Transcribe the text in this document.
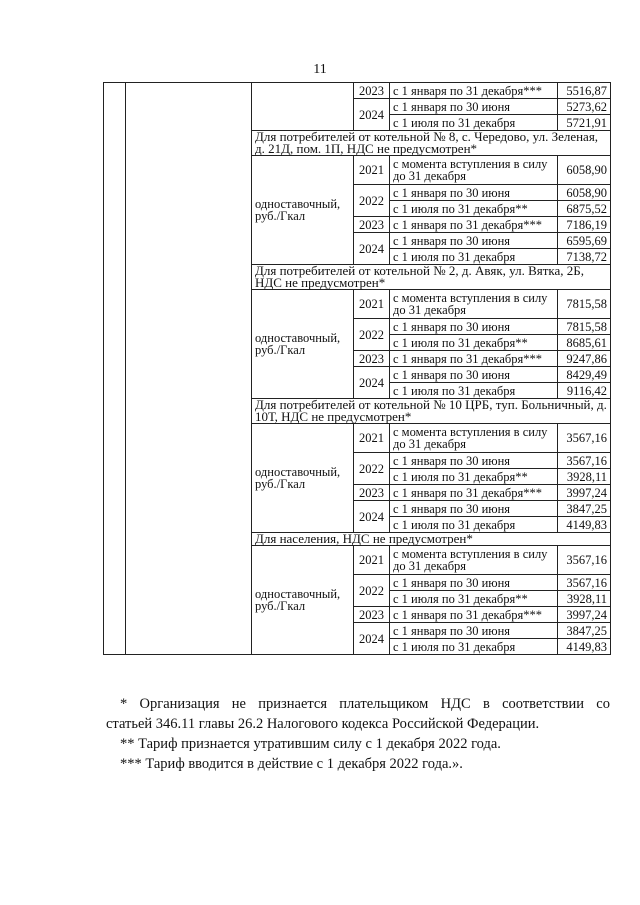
11
			2023	с 1 января по 31 декабря***	5516,87
			2024	с 1 января по 30 июня	5273,62
				с 1 июля по 31 декабря	5721,91
		Для потребителей от котельной № 8, с. Чередово, ул. Зеленая, д. 21Д, пом. 1П, НДС не предусмотрен*			
		одноставочный, руб./Гкал	2021	с момента вступления в силу до 31 декабря	6058,90
			2022	с 1 января по 30 июня	6058,90
				с 1 июля по 31 декабря**	6875,52
			2023	с 1 января по 31 декабря***	7186,19
			2024	с 1 января по 30 июня	6595,69
				с 1 июля по 31 декабря	7138,72
		Для потребителей от котельной № 2, д. Авяк, ул. Вятка, 2Б, НДС не предусмотрен*			
		одноставочный, руб./Гкал	2021	с момента вступления в силу до 31 декабря	7815,58
			2022	с 1 января по 30 июня	7815,58
				с 1 июля по 31 декабря**	8685,61
			2023	с 1 января по 31 декабря***	9247,86
			2024	с 1 января по 30 июня	8429,49
				с 1 июля по 31 декабря	9116,42
		Для потребителей от котельной № 10 ЦРБ, туп. Больничный, д. 10Т, НДС не предусмотрен*			
		одноставочный, руб./Гкал	2021	с момента вступления в силу до 31 декабря	3567,16
			2022	с 1 января по 30 июня	3567,16
				с 1 июля по 31 декабря**	3928,11
			2023	с 1 января по 31 декабря***	3997,24
			2024	с 1 января по 30 июня	3847,25
				с 1 июля по 31 декабря	4149,83
		Для населения, НДС не предусмотрен*			
		одноставочный, руб./Гкал	2021	с момента вступления в силу до 31 декабря	3567,16
			2022	с 1 января по 30 июня	3567,16
				с 1 июля по 31 декабря**	3928,11
			2023	с 1 января по 31 декабря***	3997,24
			2024	с 1 января по 30 июня	3847,25
				с 1 июля по 31 декабря	4149,83

* Организация не признается плательщиком НДС в соответствии со

статьей 346.11 главы 26.2 Налогового кодекса Российской Федерации.

** Тариф признается утратившим силу с 1 декабря 2022 года.

*** Тариф вводится в действие с 1 декабря 2022 года.».
